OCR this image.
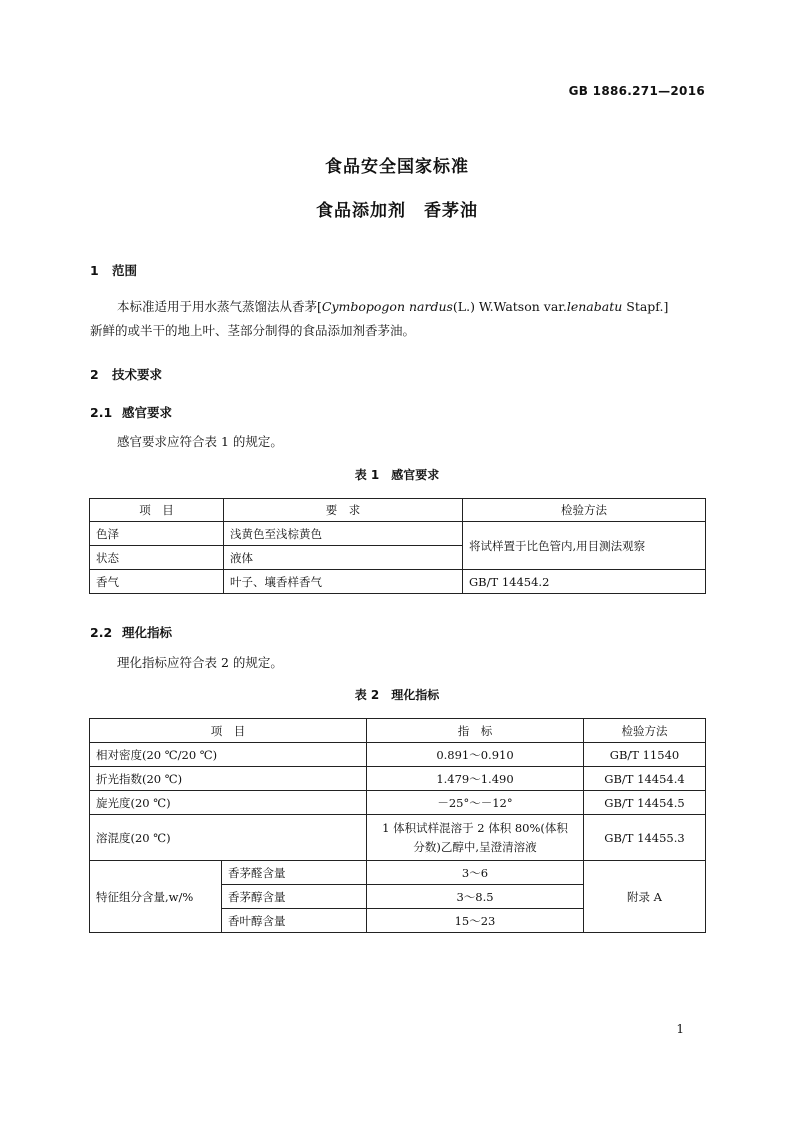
GB 1886.271—2016
食品安全国家标准
食品添加剂　香茅油
1 范围
本标准适用于用水蒸气蒸馏法从香茅[Cymbopogon nardus(L.) W.Watson var.lenabatu Stapf.]
新鲜的或半干的地上叶、茎部分制得的食品添加剂香茅油。
2 技术要求
2.1 感官要求
感官要求应符合表 1 的规定。
表 1 感官要求
项　目	要　求	检验方法
色泽	浅黄色至浅棕黄色	将试样置于比色管内,用目测法观察
状态	液体	
香气	叶子、壤香样香气	GB/T 14454.2
2.2 理化指标
理化指标应符合表 2 的规定。
表 2 理化指标
项　目		指　标	检验方法
相对密度(20 ℃/20 ℃)		0.891～0.910	GB/T 11540
折光指数(20 ℃)		1.479～1.490	GB/T 14454.4
旋光度(20 ℃)		－25°～－12°	GB/T 14454.5
溶混度(20 ℃)		1 体积试样混溶于 2 体积 80%(体积分数)乙醇中,呈澄清溶液	GB/T 14455.3
特征组分含量,w/%	香茅醛含量	3～6	附录 A
	香茅醇含量	3～8.5	
	香叶醇含量	15～23	
1
